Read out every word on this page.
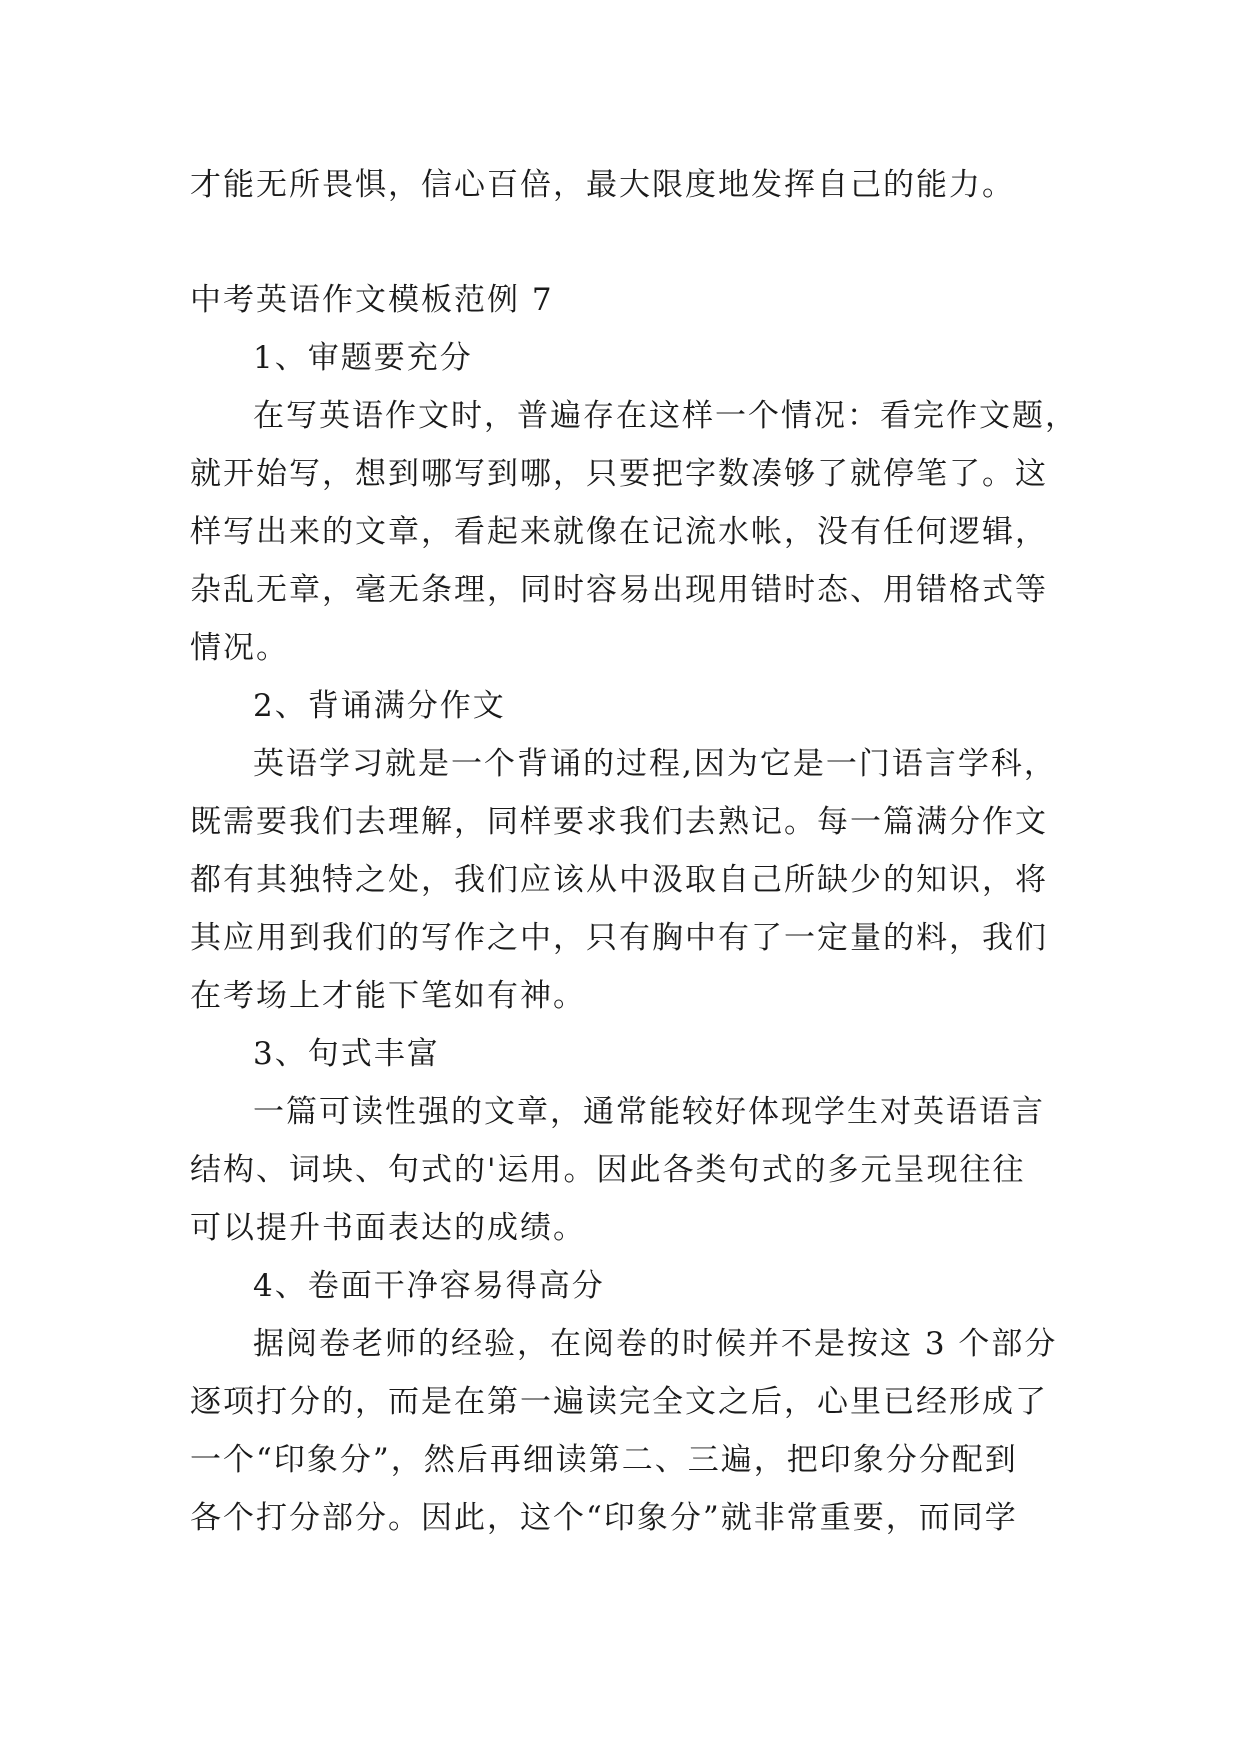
才能无所畏惧，信心百倍，最大限度地发挥自己的能力。
中考英语作文模板范例 7
1、审题要充分
在写英语作文时，普遍存在这样一个情况：看完作文题，
就开始写，想到哪写到哪，只要把字数凑够了就停笔了。这
样写出来的文章，看起来就像在记流水帐，没有任何逻辑，
杂乱无章，毫无条理，同时容易出现用错时态、用错格式等
情况。
2、背诵满分作文
英语学习就是一个背诵的过程,因为它是一门语言学科，
既需要我们去理解，同样要求我们去熟记。每一篇满分作文
都有其独特之处，我们应该从中汲取自己所缺少的知识，将
其应用到我们的写作之中，只有胸中有了一定量的料，我们
在考场上才能下笔如有神。
3、句式丰富
一篇可读性强的文章，通常能较好体现学生对英语语言
结构、词块、句式的'运用。因此各类句式的多元呈现往往
可以提升书面表达的成绩。
4、卷面干净容易得高分
据阅卷老师的经验，在阅卷的时候并不是按这 3 个部分
逐项打分的，而是在第一遍读完全文之后，心里已经形成了
一个“印象分”，然后再细读第二、三遍，把印象分分配到
各个打分部分。因此，这个“印象分”就非常重要，而同学
